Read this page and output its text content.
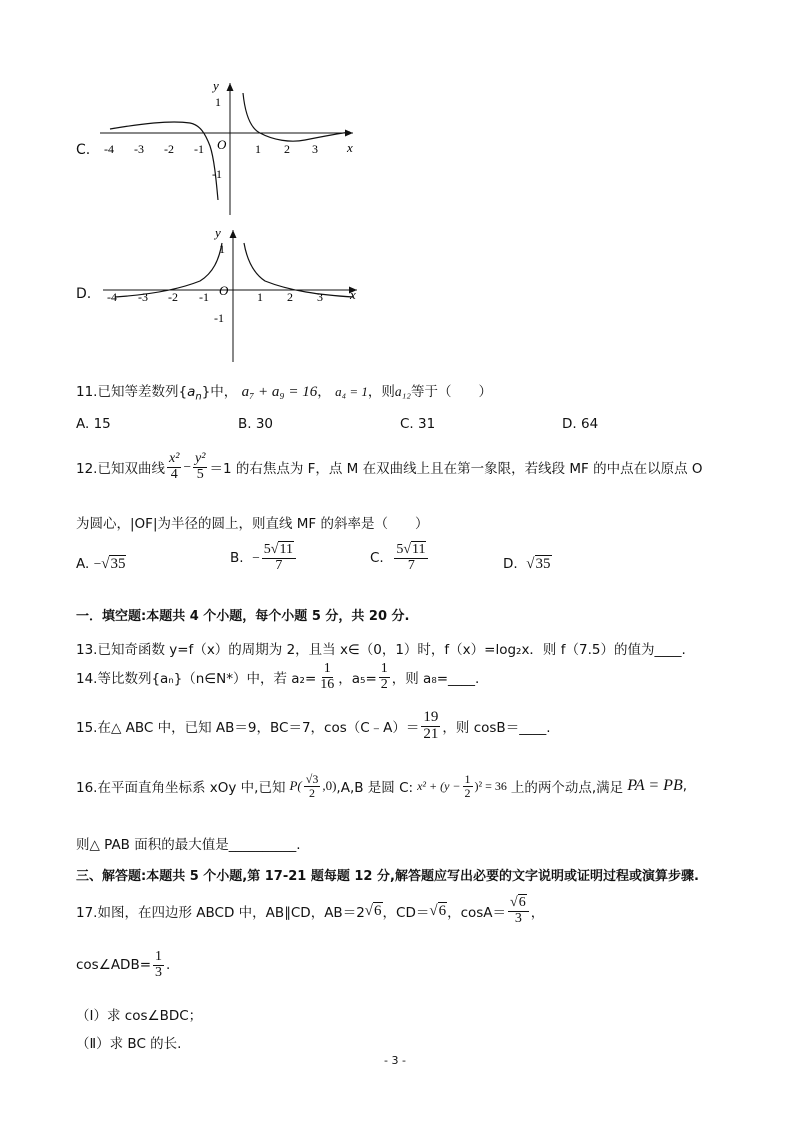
C. -4 -3 -2 -1	1 2 3
1
-1
x
y
O
D. -4 -3 -2 -1	1 2 3
1
-1
x
y
O
11.已知等差数列$\{a_n\}$中， a₇ + a₉ = 16， a₄ = 1，则a₁₂等于（　　）
A. 15	B. 30	C. 31	D. 64
12.已知双曲线 $\frac{\text{x²}}{4} - \frac{\text{y²}}{5} =1$ 的右焦点为 F，点 M 在双曲线上且在第一象限，若线段 MF 的中点在以原点 O
为圆心，|OF|为半径的圆上，则直线 MF 的斜率是（　　）
A. −√35	B.
− $\frac{5√11}{7}$	C.
$\frac{5√11}{7}$	D. √35
一．填空题:本题共 4 个小题，每个小题 5 分，共 20 分.
13.已知奇函数 y=f（x）的周期为 2，且当 x∈（0，1）时，f（x）=log₂x．则 f（7.5）的值为____.
14.等比数列{aₙ}（n∈N*）中，若 $a_2= \frac{1}{16}$ ，$a_5= \frac{1}{2}$ ，则 a₈=____.
15.在△ ABC 中，已知 AB＝9，BC＝7，cos（C﹣A）＝ $\frac{19}{21}$ ，则 cosB＝____.
16.在平面直角坐标系 xOy 中,已知 $P( \frac{√3}{2} ,0)$ ,A,B 是圆 C: $x^2 + (y - \frac{1}{2} )^2 = 36$ 上的两个动点,满足 PA = PB ,
则△ PAB 面积的最大值是__________.
三、解答题:本题共 5 个小题,第 17-21 题每题 12 分,解答题应写出必要的文字说明或证明过程或演算步骤.
17.如图，在四边形 ABCD 中，AB∥CD，AB＝2 √6 ，CD＝ √6 ，$\cos A= \frac{√6}{3}$ ，
cos∠ADB= $\frac{1}{3}$ .
（Ⅰ）求 cos∠BDC；
（Ⅱ）求 BC 的长.
- 3 -
